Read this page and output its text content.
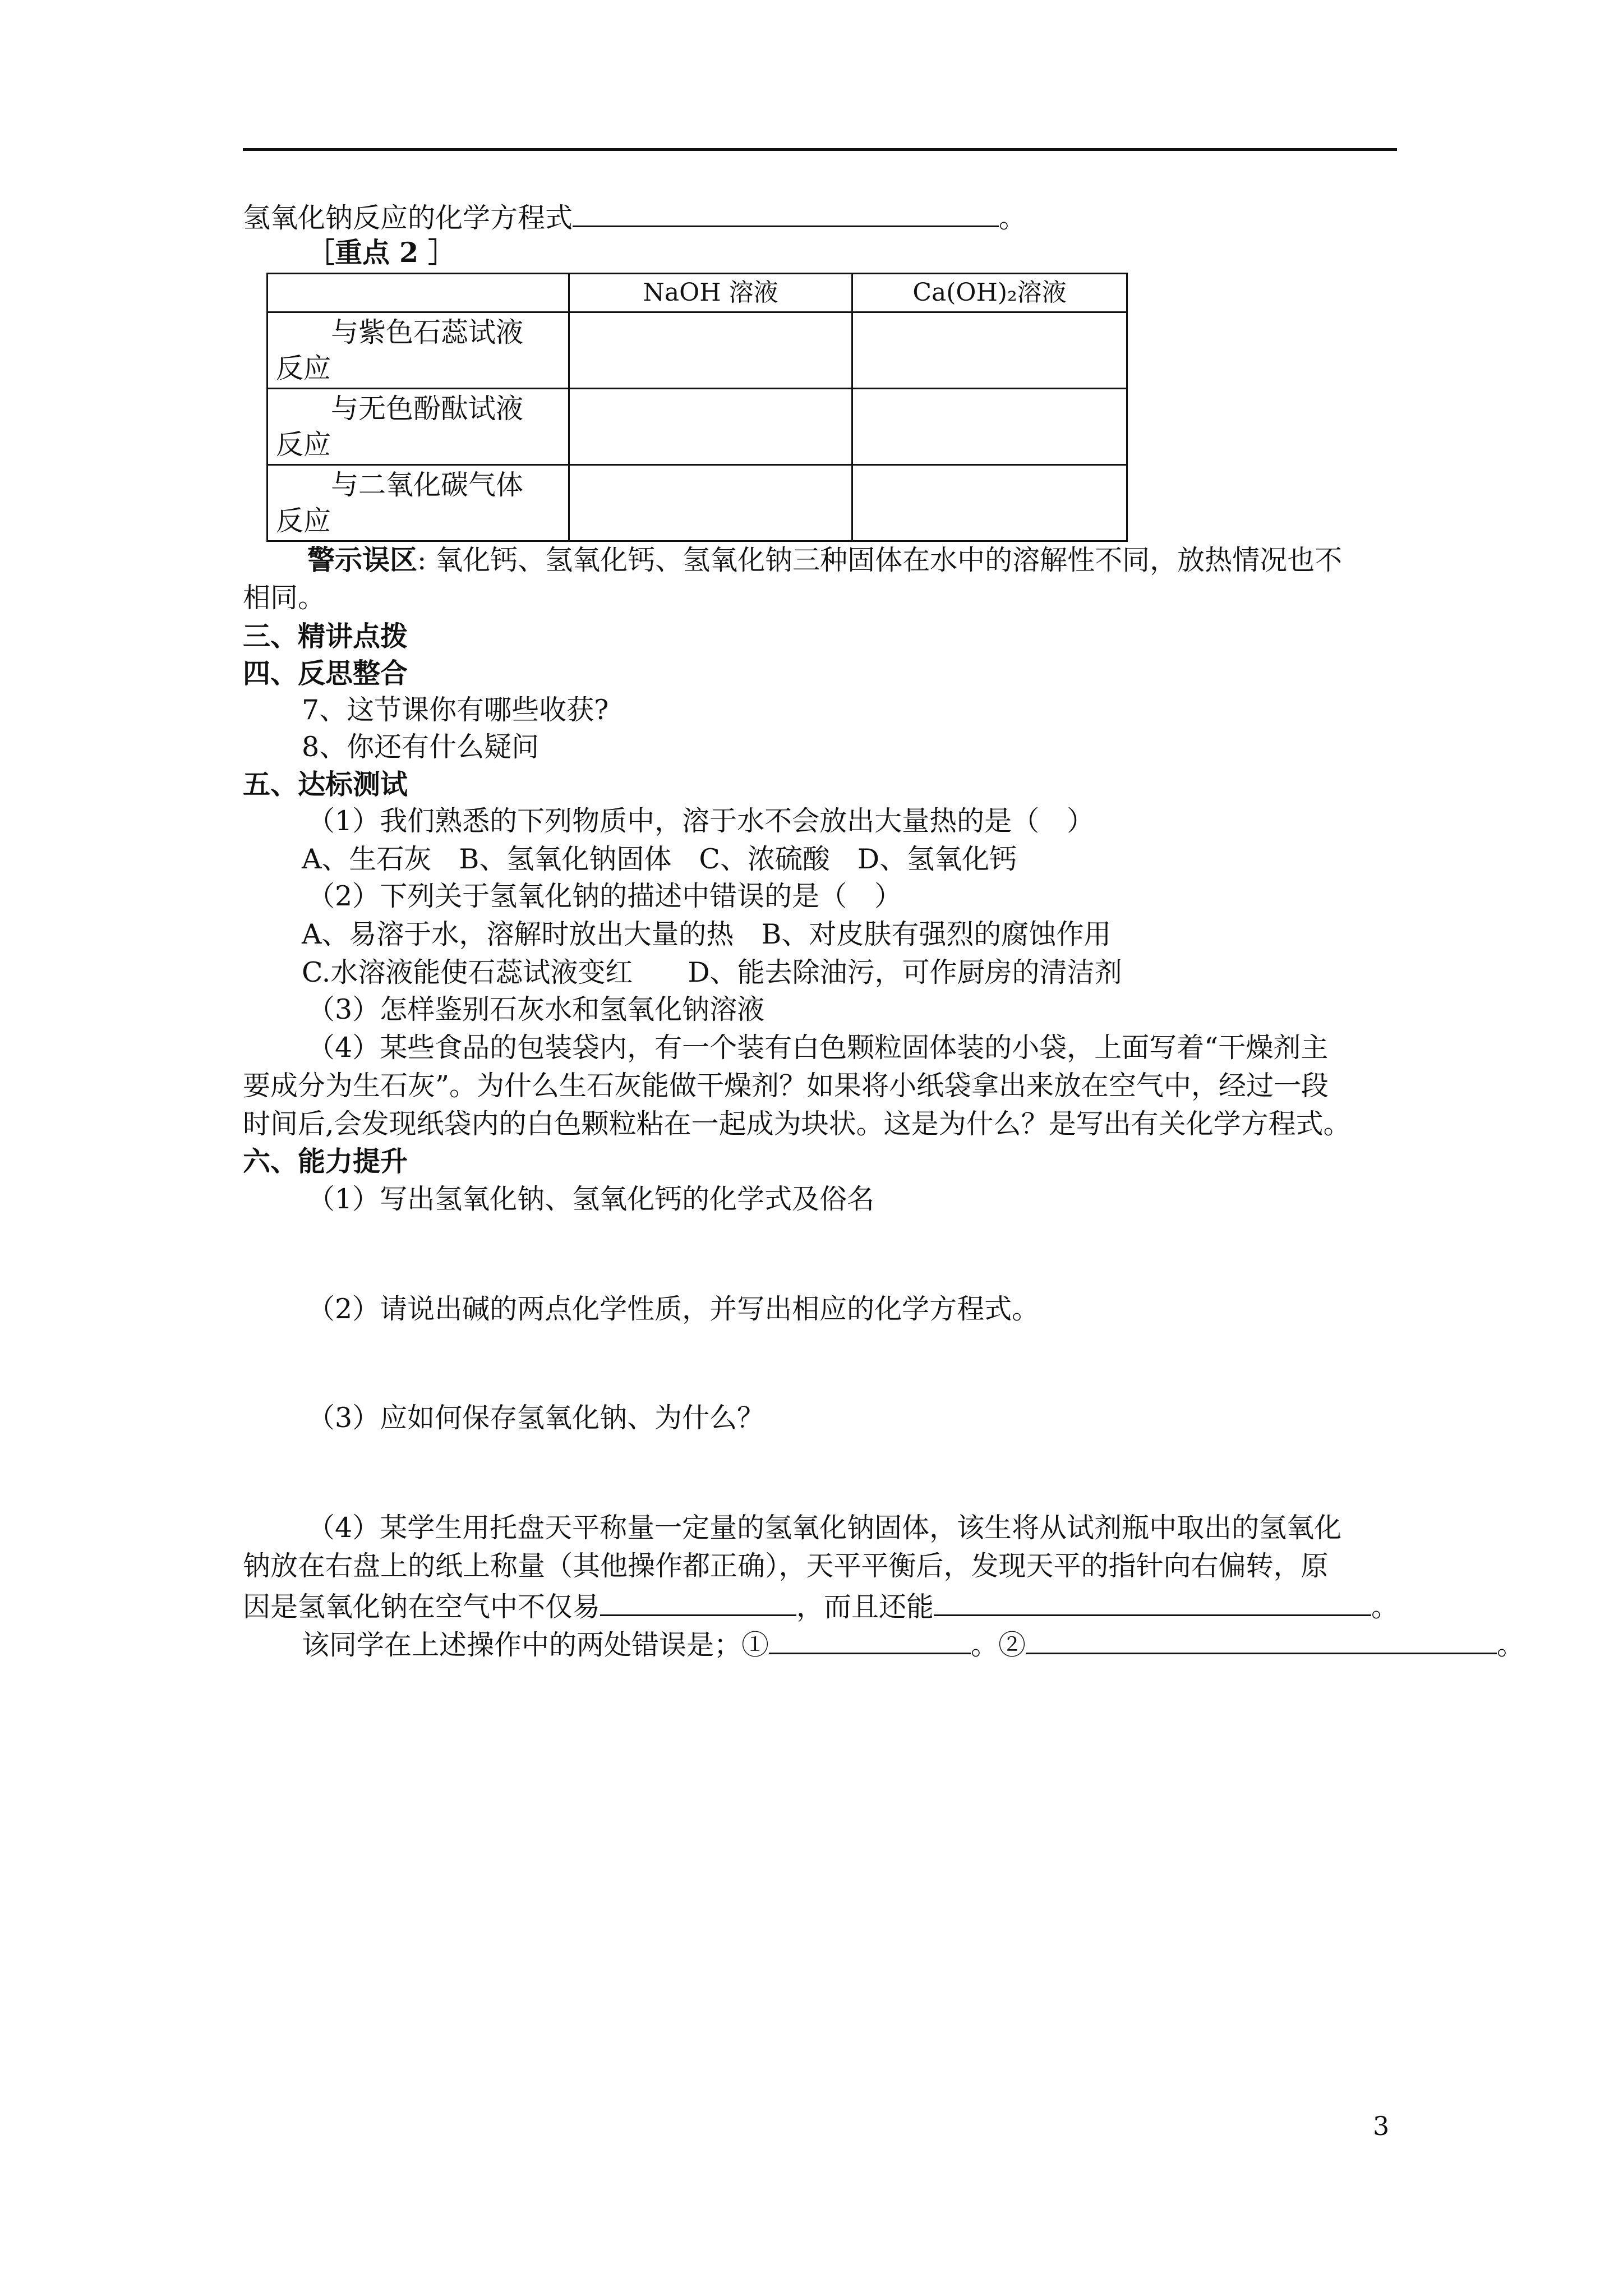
氢氧化钠反应的化学方程式	。
［重点 2 ］
	NaOH 溶液	Ca(OH)₂溶液

与紫色石蕊试液
反应		

与无色酚酞试液
反应		

与二氧化碳气体
反应		

警示误区: 氧化钙、氢氧化钙、氢氧化钠三种固体在水中的溶解性不同，放热情况也不
相同。
三、精讲点拨
四、反思整合
7、这节课你有哪些收获?
8、你还有什么疑问
五、达标测试
（1）我们熟悉的下列物质中，溶于水不会放出大量热的是（　）
A、生石灰　B、氢氧化钠固体　C、浓硫酸　D、氢氧化钙
（2）下列关于氢氧化钠的描述中错误的是（　）
A、易溶于水，溶解时放出大量的热　B、对皮肤有强烈的腐蚀作用
C.水溶液能使石蕊试液变红　　D、能去除油污，可作厨房的清洁剂
（3）怎样鉴别石灰水和氢氧化钠溶液
（4）某些食品的包装袋内，有一个装有白色颗粒固体装的小袋，上面写着“干燥剂主
要成分为生石灰”。为什么生石灰能做干燥剂？如果将小纸袋拿出来放在空气中，经过一段
时间后,会发现纸袋内的白色颗粒粘在一起成为块状。这是为什么？是写出有关化学方程式。
六、能力提升
（1）写出氢氧化钠、氢氧化钙的化学式及俗名
（2）请说出碱的两点化学性质，并写出相应的化学方程式。
（3）应如何保存氢氧化钠、为什么？
（4）某学生用托盘天平称量一定量的氢氧化钠固体，该生将从试剂瓶中取出的氢氧化
钠放在右盘上的纸上称量（其他操作都正确），天平平衡后，发现天平的指针向右偏转，原
因是氢氧化钠在空气中不仅易	，而且还能	。
该同学在上述操作中的两处错误是；①	。②	。
3
